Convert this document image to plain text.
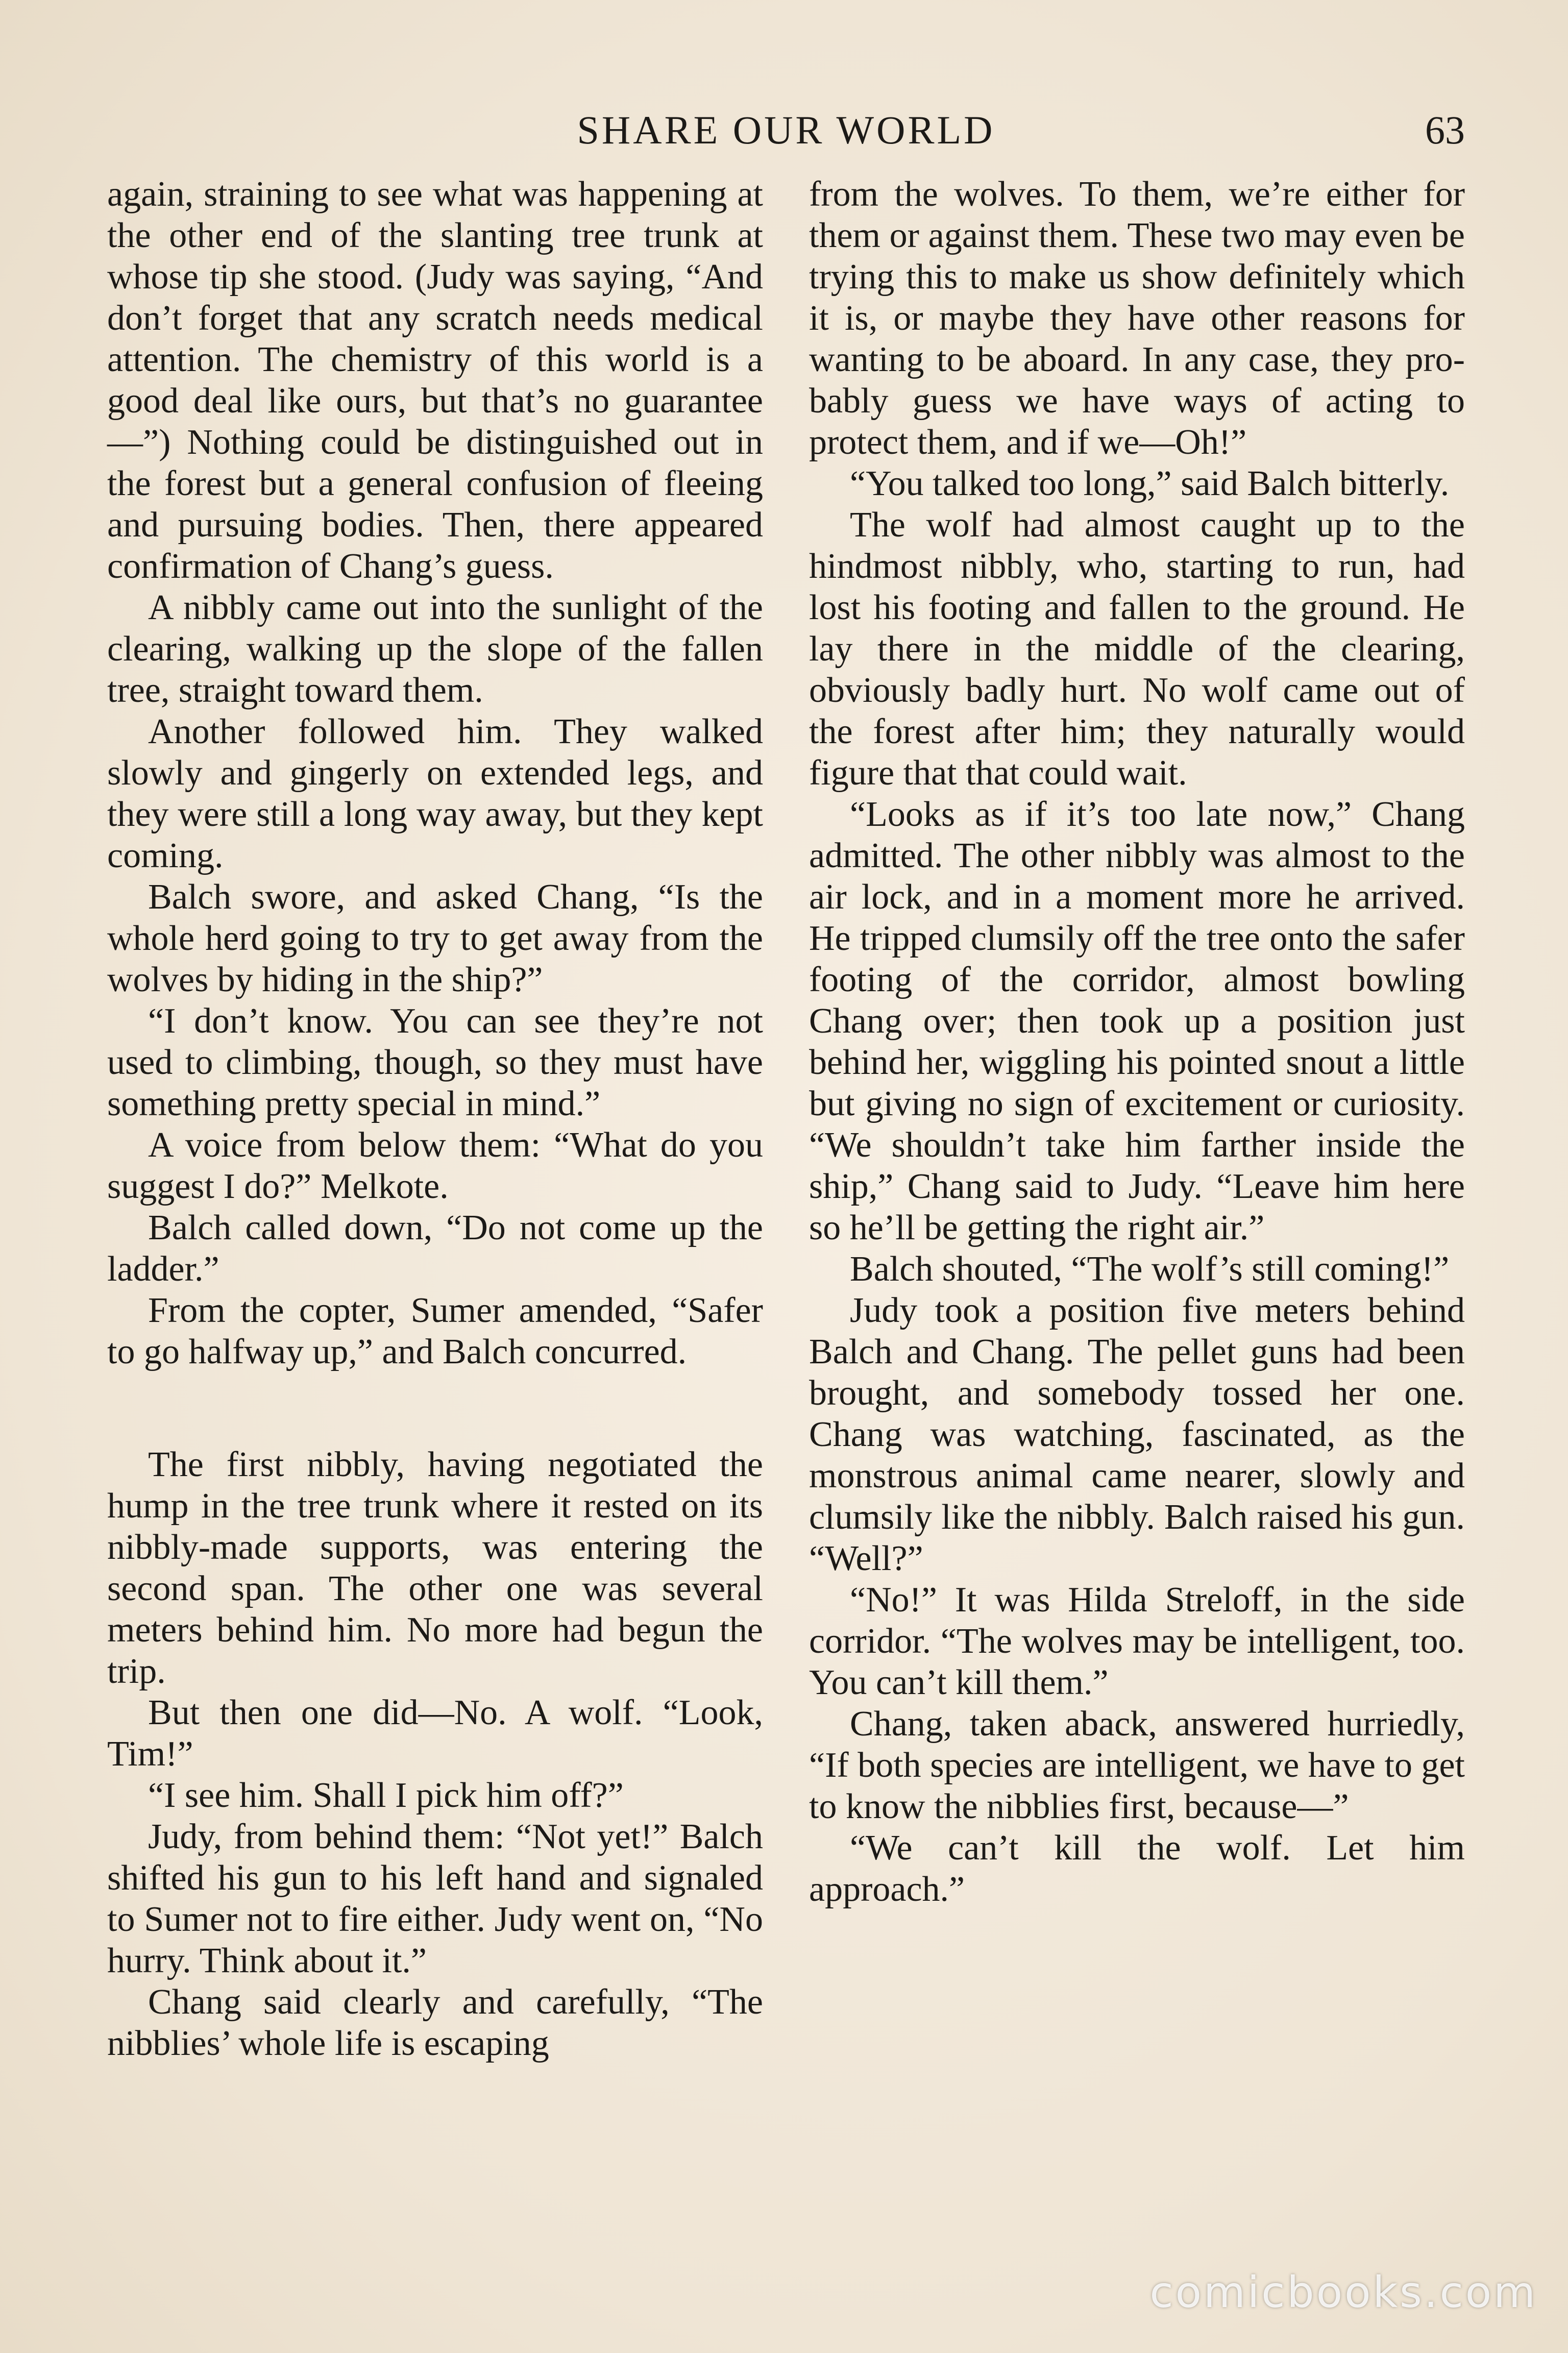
SHARE OUR WORLD	63

again, straining to see what was happening at the other end of the slanting tree trunk at whose tip she stood. (Judy was saying, “And don’t forget that any scratch needs medical attention. The chemistry of this world is a good deal like ours, but that’s no guarantee—”) Nothing could be distinguished out in the forest but a general confusion of fleeing and pursuing bodies. Then, there appeared confirmation of Chang’s guess.

A nibbly came out into the sunlight of the clearing, walking up the slope of the fallen tree, straight toward them.

Another followed him. They walked slowly and gingerly on extended legs, and they were still a long way away, but they kept coming.

Balch swore, and asked Chang, “Is the whole herd going to try to get away from the wolves by hiding in the ship?”

“I don’t know. You can see they’re not used to climbing, though, so they must have something pretty special in mind.”

A voice from below them: “What do you suggest I do?” Melkote.

Balch called down, “Do not come up the ladder.”

From the copter, Sumer amended, “Safer to go halfway up,” and Balch concurred.

The first nibbly, having negotiated the hump in the tree trunk where it rested on its nibbly-made supports, was entering the second span. The other one was several meters behind him. No more had begun the trip.

But then one did—No. A wolf. “Look, Tim!”

“I see him. Shall I pick him off?”

Judy, from behind them: “Not yet!” Balch shifted his gun to his left hand and signaled to Sumer not to fire either. Judy went on, “No hurry. Think about it.”

Chang said clearly and carefully, “The nibblies’ whole life is escaping

from the wolves. To them, we’re either for them or against them. These two may even be trying this to make us show definitely which it is, or maybe they have other reasons for wanting to be aboard. In any case, they probably guess we have ways of acting to protect them, and if we—Oh!”

“You talked too long,” said Balch bitterly.

The wolf had almost caught up to the hindmost nibbly, who, starting to run, had lost his footing and fallen to the ground. He lay there in the middle of the clearing, obviously badly hurt. No wolf came out of the forest after him; they naturally would figure that that could wait.

“Looks as if it’s too late now,” Chang admitted. The other nibbly was almost to the air lock, and in a moment more he arrived. He tripped clumsily off the tree onto the safer footing of the corridor, almost bowling Chang over; then took up a position just behind her, wiggling his pointed snout a little but giving no sign of excitement or curiosity. “We shouldn’t take him farther inside the ship,” Chang said to Judy. “Leave him here so he’ll be getting the right air.”

Balch shouted, “The wolf’s still coming!”

Judy took a position five meters behind Balch and Chang. The pellet guns had been brought, and somebody tossed her one. Chang was watching, fascinated, as the monstrous animal came nearer, slowly and clumsily like the nibbly. Balch raised his gun. “Well?”

“No!” It was Hilda Streloff, in the side corridor. “The wolves may be intelligent, too. You can’t kill them.”

Chang, taken aback, answered hurriedly, “If both species are intelligent, we have to get to know the nibblies first, because—”

“We can’t kill the wolf. Let him approach.”

comicbooks.com
